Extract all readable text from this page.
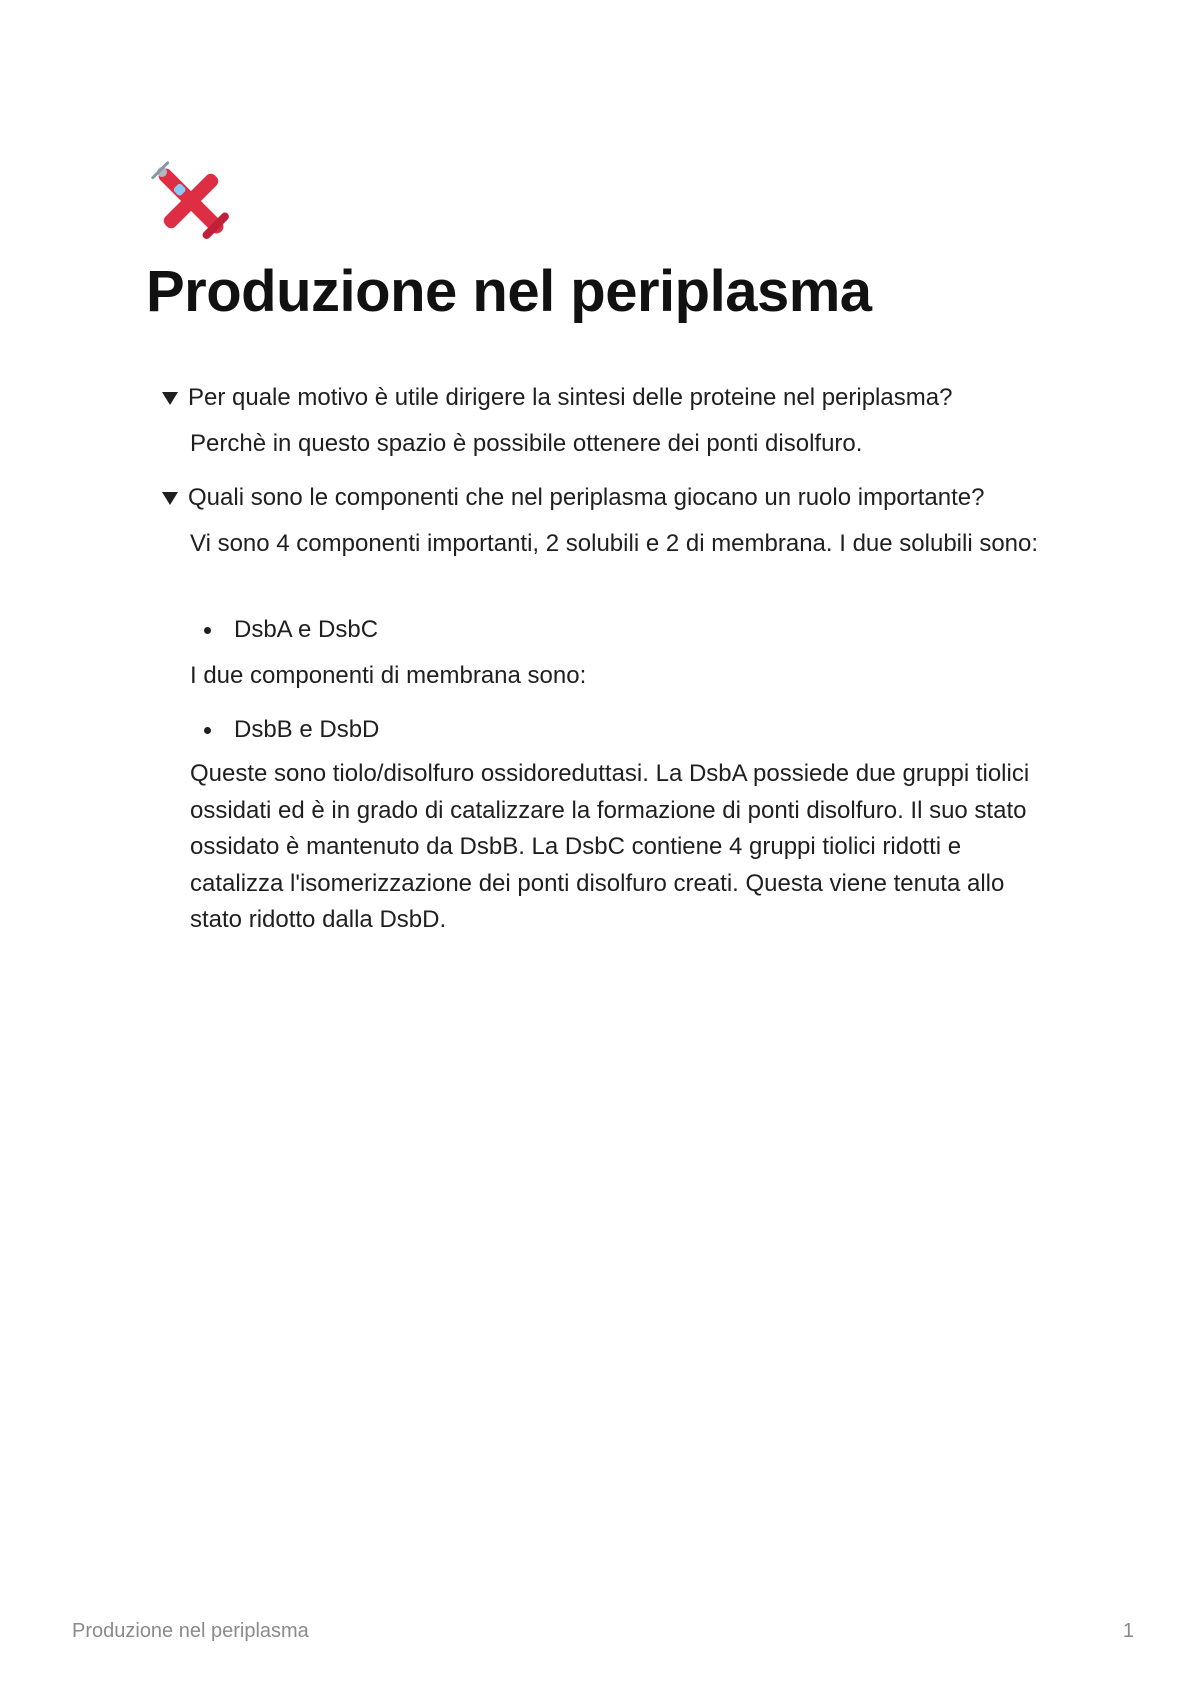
Produzione nel periplasma
Per quale motivo è utile dirigere la sintesi delle proteine nel periplasma?

Perchè in questo spazio è possibile ottenere dei ponti disolfuro.

Quali sono le componenti che nel periplasma giocano un ruolo importante?

Vi sono 4 componenti importanti, 2 solubili e 2 di membrana. I due solubili sono:

DsbA e DsbC

I due componenti di membrana sono:

DsbB e DsbD

Queste sono tiolo/disolfuro ossidoreduttasi. La DsbA possiede due gruppi tiolici ossidati ed è in grado di catalizzare la formazione di ponti disolfuro. Il suo stato ossidato è mantenuto da DsbB. La DsbC contiene 4 gruppi tiolici ridotti e catalizza l'isomerizzazione dei ponti disolfuro creati. Questa viene tenuta allo stato ridotto dalla DsbD.

Produzione nel periplasma	1
